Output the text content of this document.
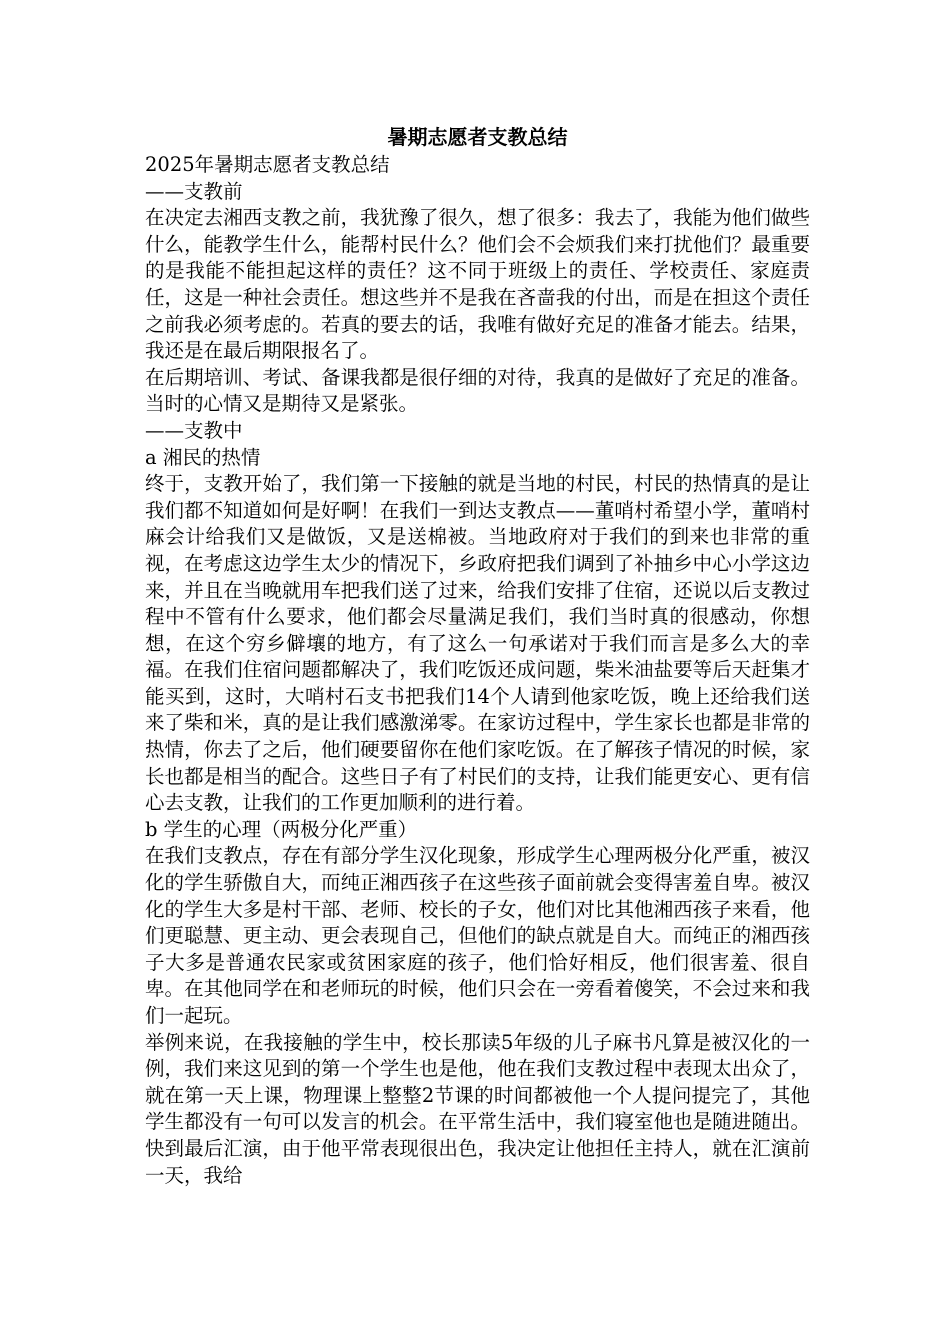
暑期志愿者支教总结

2025年暑期志愿者支教总结

——支教前

在决定去湘西支教之前，我犹豫了很久，想了很多：我去了，我能为他们做些什么，能教学生什么，能帮村民什么？他们会不会烦我们来打扰他们？最重要的是我能不能担起这样的责任？这不同于班级上的责任、学校责任、家庭责任，这是一种社会责任。想这些并不是我在吝啬我的付出，而是在担这个责任之前我必须考虑的。若真的要去的话，我唯有做好充足的准备才能去。结果，我还是在最后期限报名了。

在后期培训、考试、备课我都是很仔细的对待，我真的是做好了充足的准备。当时的心情又是期待又是紧张。

——支教中

a 湘民的热情

终于，支教开始了，我们第一下接触的就是当地的村民，村民的热情真的是让我们都不知道如何是好啊！在我们一到达支教点——董哨村希望小学，董哨村麻会计给我们又是做饭，又是送棉被。当地政府对于我们的到来也非常的重视，在考虑这边学生太少的情况下，乡政府把我们调到了补抽乡中心小学这边来，并且在当晚就用车把我们送了过来，给我们安排了住宿，还说以后支教过程中不管有什么要求，他们都会尽量满足我们，我们当时真的很感动，你想想，在这个穷乡僻壤的地方，有了这么一句承诺对于我们而言是多么大的幸福。在我们住宿问题都解决了，我们吃饭还成问题，柴米油盐要等后天赶集才能买到，这时，大哨村石支书把我们14个人请到他家吃饭，晚上还给我们送来了柴和米，真的是让我们感激涕零。在家访过程中，学生家长也都是非常的热情，你去了之后，他们硬要留你在他们家吃饭。在了解孩子情况的时候，家长也都是相当的配合。这些日子有了村民们的支持，让我们能更安心、更有信心去支教，让我们的工作更加顺利的进行着。

b 学生的心理（两极分化严重）

在我们支教点，存在有部分学生汉化现象，形成学生心理两极分化严重，被汉化的学生骄傲自大，而纯正湘西孩子在这些孩子面前就会变得害羞自卑。被汉化的学生大多是村干部、老师、校长的子女，他们对比其他湘西孩子来看，他们更聪慧、更主动、更会表现自己，但他们的缺点就是自大。而纯正的湘西孩子大多是普通农民家或贫困家庭的孩子，他们恰好相反，他们很害羞、很自卑。在其他同学在和老师玩的时候，他们只会在一旁看着傻笑，不会过来和我们一起玩。

举例来说，在我接触的学生中，校长那读5年级的儿子麻书凡算是被汉化的一例，我们来这见到的第一个学生也是他，他在我们支教过程中表现太出众了，就在第一天上课，物理课上整整2节课的时间都被他一个人提问提完了，其他学生都没有一句可以发言的机会。在平常生活中，我们寝室他也是随进随出。快到最后汇演，由于他平常表现很出色，我决定让他担任主持人，就在汇演前一天，我给
